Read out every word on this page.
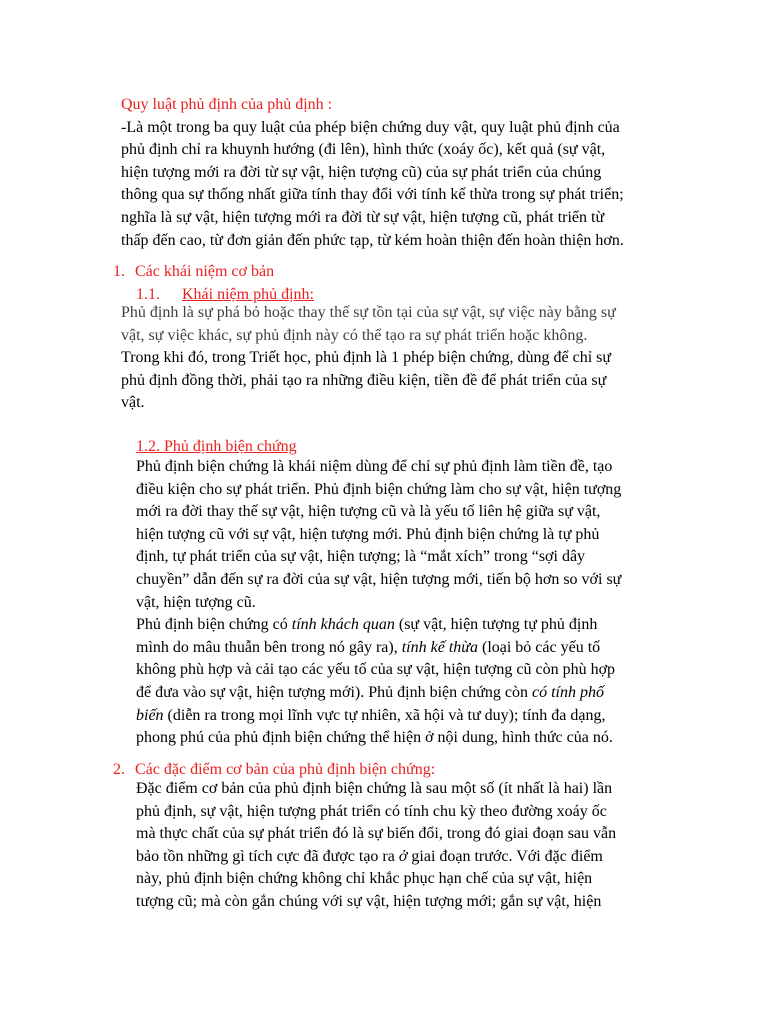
Quy luật phủ định của phủ định :
-Là một trong ba quy luật của phép biện chứng duy vật, quy luật phủ định của
phủ định chỉ ra khuynh hướng (đi lên), hình thức (xoáy ốc), kết quả (sự vật,
hiện tượng mới ra đời từ sự vật, hiện tượng cũ) của sự phát triển của chúng
thông qua sự thống nhất giữa tính thay đổi với tính kế thừa trong sự phát triển;
nghĩa là sự vật, hiện tượng mới ra đời từ sự vật, hiện tượng cũ, phát triển từ
thấp đến cao, từ đơn giản đến phức tạp, từ kém hoàn thiện đến hoàn thiện hơn.
1. Các khái niệm cơ bản
1.1. Khái niệm phủ định:
Phủ định là sự phá bỏ hoặc thay thế sự tồn tại của sự vật, sự việc này bằng sự
vật, sự việc khác, sự phủ định này có thể tạo ra sự phát triển hoặc không.
Trong khi đó, trong Triết học, phủ định là 1 phép biện chứng, dùng để chỉ sự
phủ định đồng thời, phải tạo ra những điều kiện, tiền đề để phát triển của sự
vật.
1.2. Phủ định biện chứng
Phủ định biện chứng là khái niệm dùng để chỉ sự phủ định làm tiền đề, tạo
điều kiện cho sự phát triển. Phủ định biện chứng làm cho sự vật, hiện tượng
mới ra đời thay thế sự vật, hiện tượng cũ và là yếu tố liên hệ giữa sự vật,
hiện tượng cũ với sự vật, hiện tượng mới. Phủ định biện chứng là tự phủ
định, tự phát triển của sự vật, hiện tượng; là “mắt xích” trong “sợi dây
chuyền” dẫn đến sự ra đời của sự vật, hiện tượng mới, tiến bộ hơn so với sự
vật, hiện tượng cũ.
Phủ định biện chứng có tính khách quan (sự vật, hiện tượng tự phủ định
mình do mâu thuẫn bên trong nó gây ra), tính kế thừa (loại bỏ các yếu tố
không phù hợp và cải tạo các yếu tố của sự vật, hiện tượng cũ còn phù hợp
để đưa vào sự vật, hiện tượng mới). Phủ định biện chứng còn có tính phố
biến (diễn ra trong mọi lĩnh vực tự nhiên, xã hội và tư duy); tính đa dạng,
phong phú của phủ định biện chứng thể hiện ở nội dung, hình thức của nó.
2. Các đặc điểm cơ bản của phủ định biện chứng:
Đặc điểm cơ bản của phủ định biện chứng là sau một số (ít nhất là hai) lần
phủ định, sự vật, hiện tượng phát triển có tính chu kỳ theo đường xoáy ốc
mà thực chất của sự phát triển đó là sự biến đổi, trong đó giai đoạn sau vẫn
bảo tồn những gì tích cực đã được tạo ra ở giai đoạn trước. Với đặc điểm
này, phủ định biện chứng không chỉ khắc phục hạn chế của sự vật, hiện
tượng cũ; mà còn gắn chúng với sự vật, hiện tượng mới; gắn sự vật, hiện
